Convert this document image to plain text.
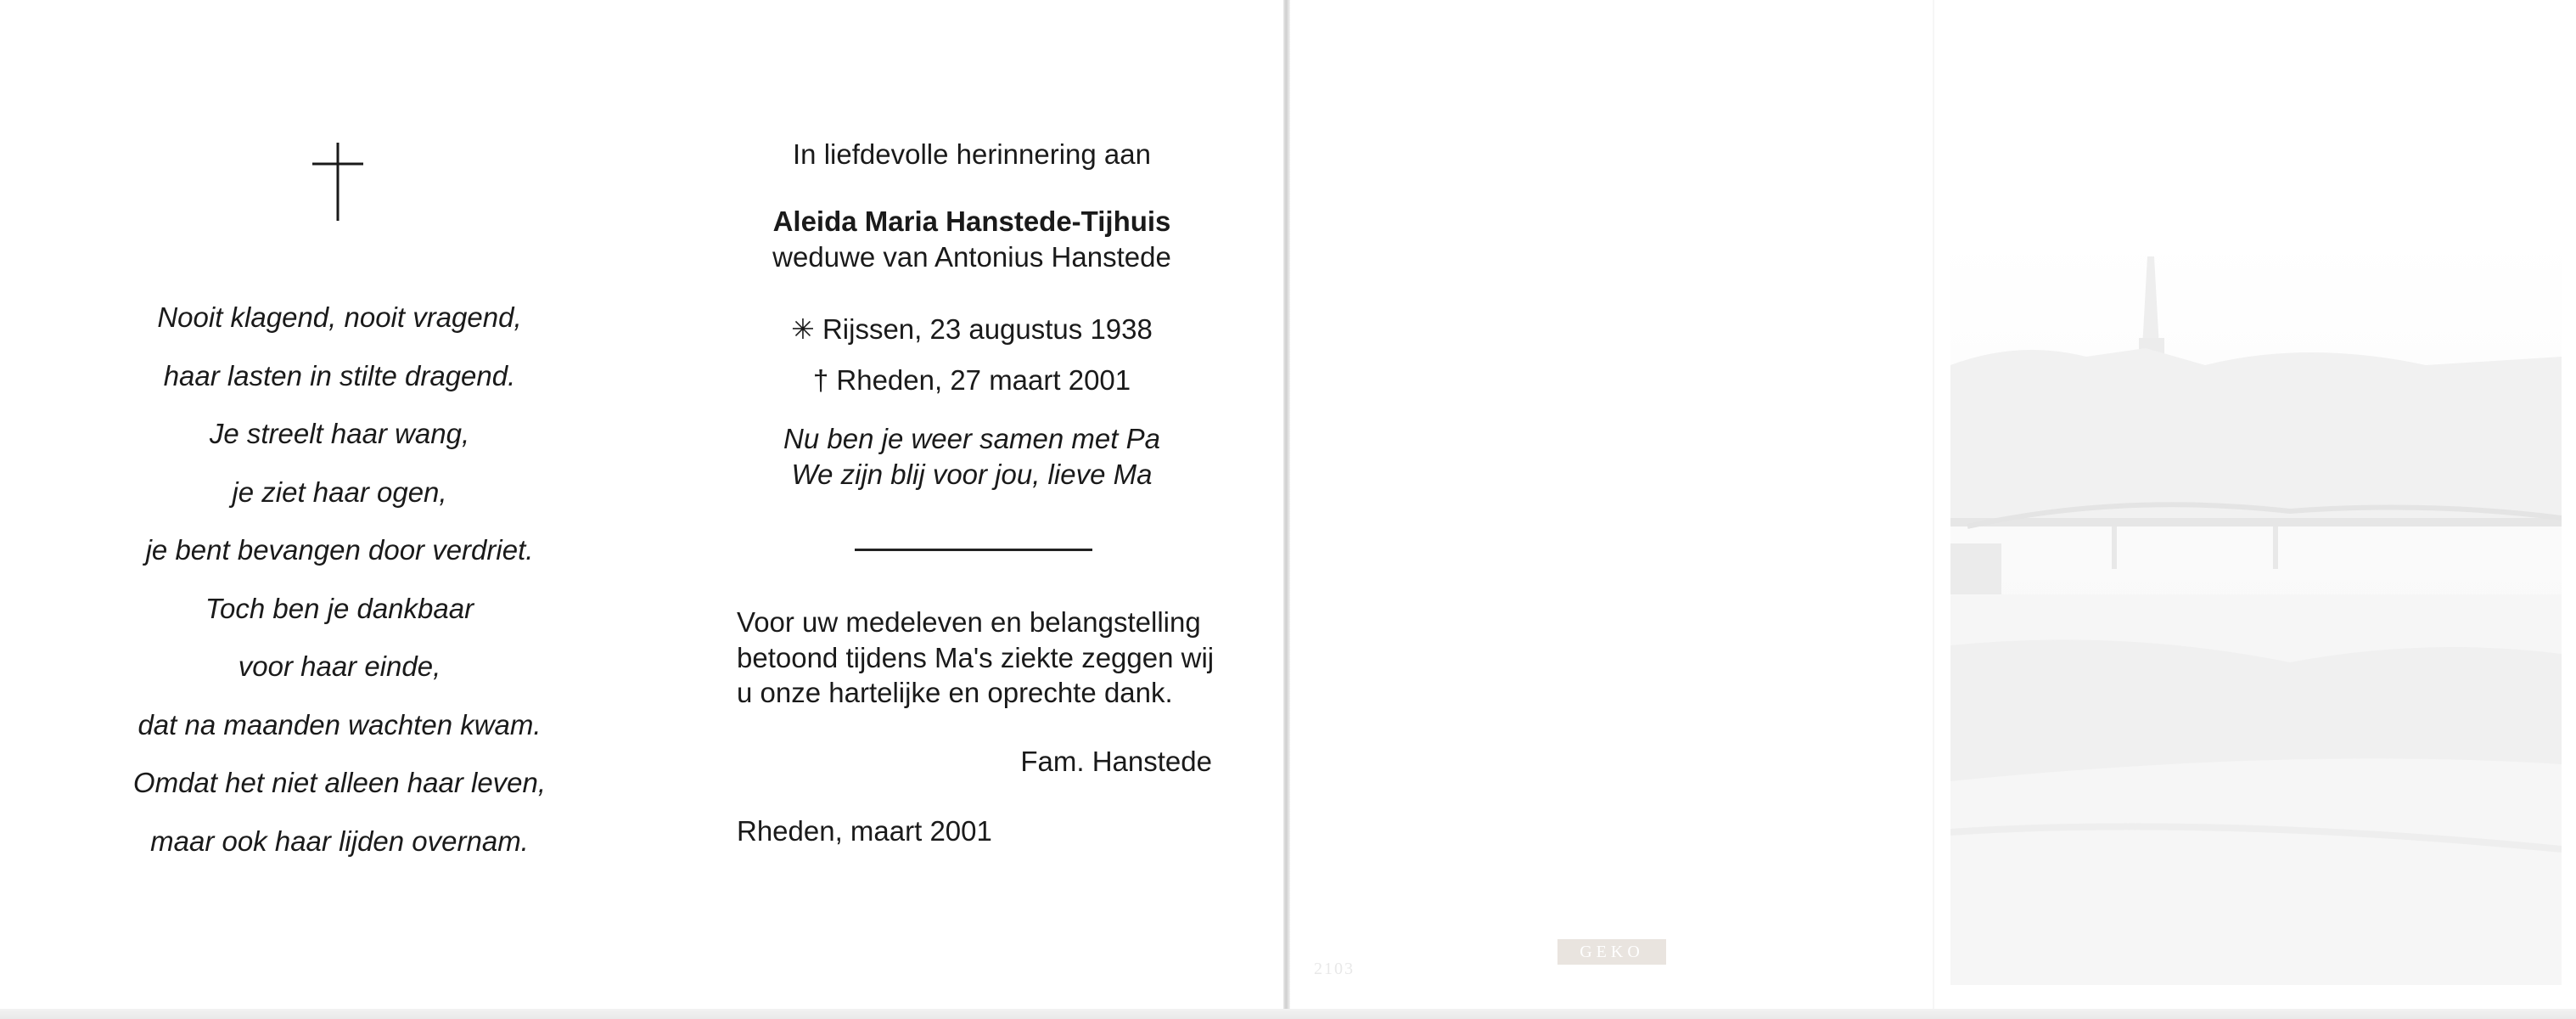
Nooit klagend, nooit vragend,
haar lasten in stilte dragend.
Je streelt haar wang,
je ziet haar ogen,
je bent bevangen door verdriet.
Toch ben je dankbaar
voor haar einde,
dat na maanden wachten kwam.
Omdat het niet alleen haar leven,
maar ook haar lijden overnam.
In liefdevolle herinnering aan
Aleida Maria Hanstede-Tijhuis
weduwe van Antonius Hanstede
✳ Rijssen, 23 augustus 1938
† Rheden, 27 maart 2001
Nu ben je weer samen met Pa
We zijn blij voor jou, lieve Ma
Voor uw medeleven en belangstelling
betoond tijdens Ma's ziekte zeggen wij
u onze hartelijke en oprechte dank.
Fam. Hanstede
Rheden, maart 2001
GEKO
2103
